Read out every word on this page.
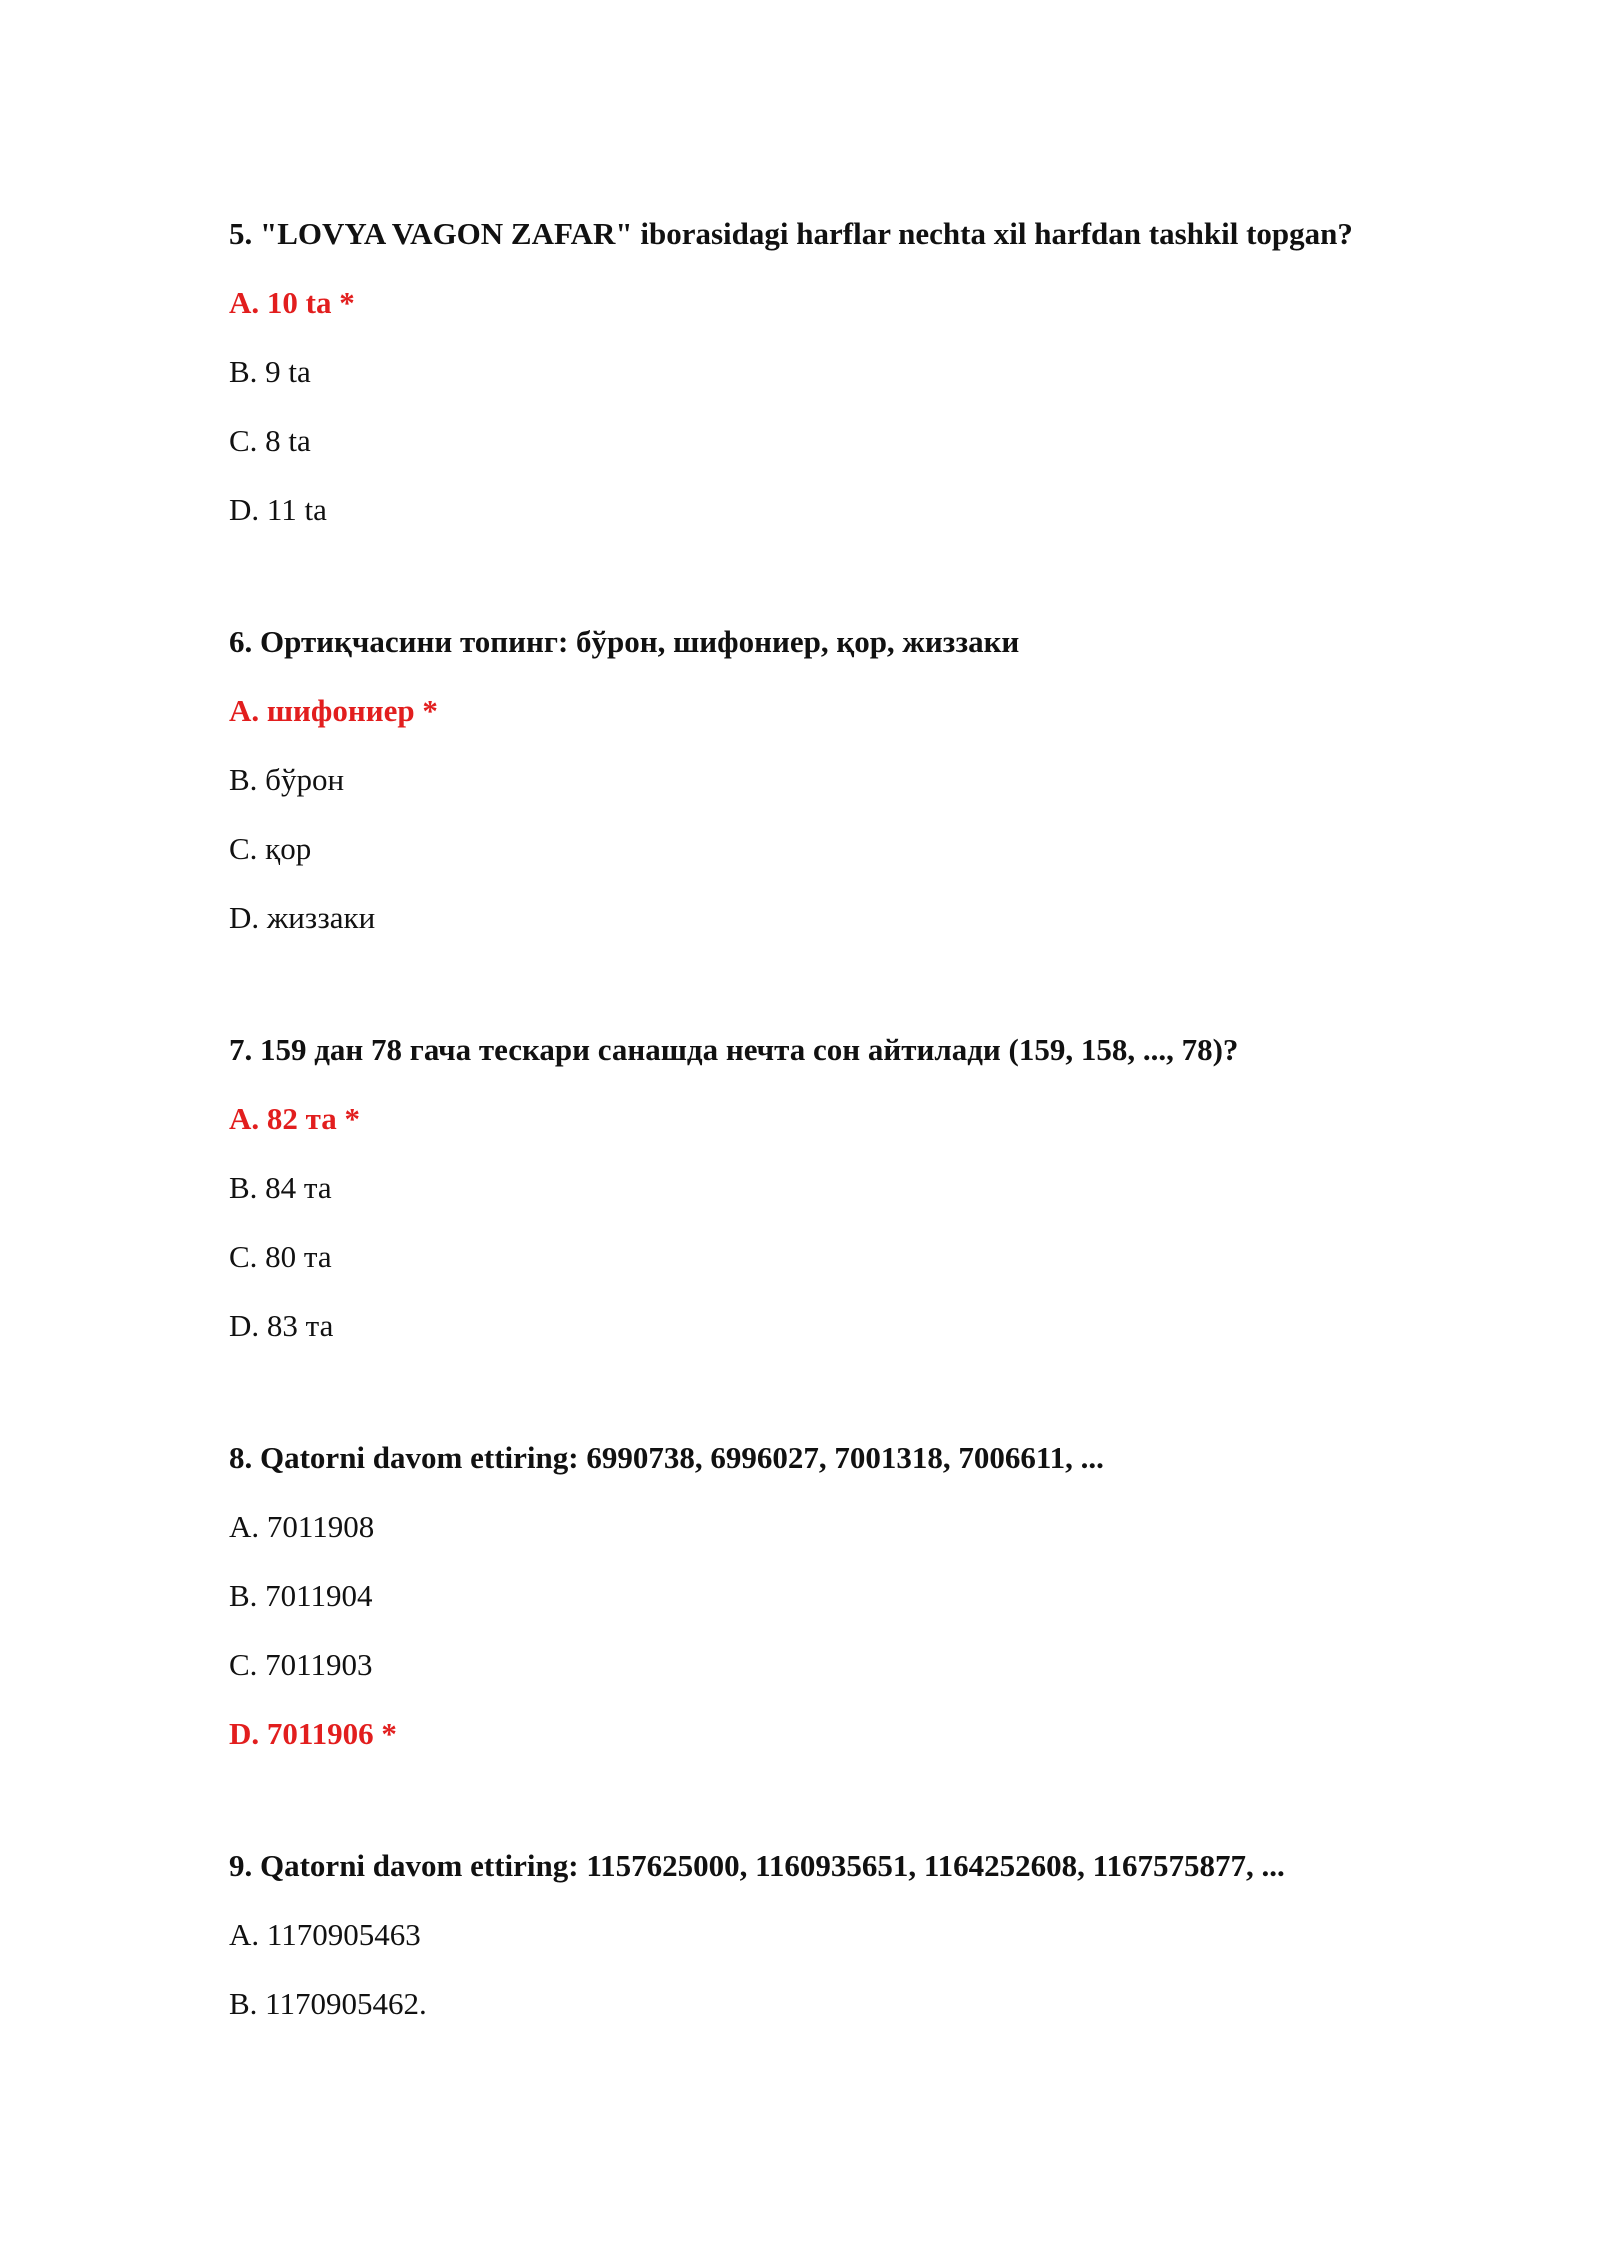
5. "LOVYA VAGON ZAFAR" iborasidagi harflar nechta xil harfdan tashkil topgan?

A. 10 ta *

B. 9 ta

C. 8 ta

D. 11 ta

6. Ортиқчасини топинг: бўрон, шифониер, қор, жиззаки

A. шифониер *

B. бўрон

C. қор

D. жиззаки

7. 159 дан 78 гача тескари санашда нечта сон айтилади (159, 158, ..., 78)?

A. 82 та *

B. 84 та

C. 80 та

D. 83 та

8. Qatorni davom ettiring: 6990738, 6996027, 7001318, 7006611, ...

A. 7011908

B. 7011904

C. 7011903

D. 7011906 *

9. Qatorni davom ettiring: 1157625000, 1160935651, 1164252608, 1167575877, ...

A. 1170905463

B. 1170905462.
